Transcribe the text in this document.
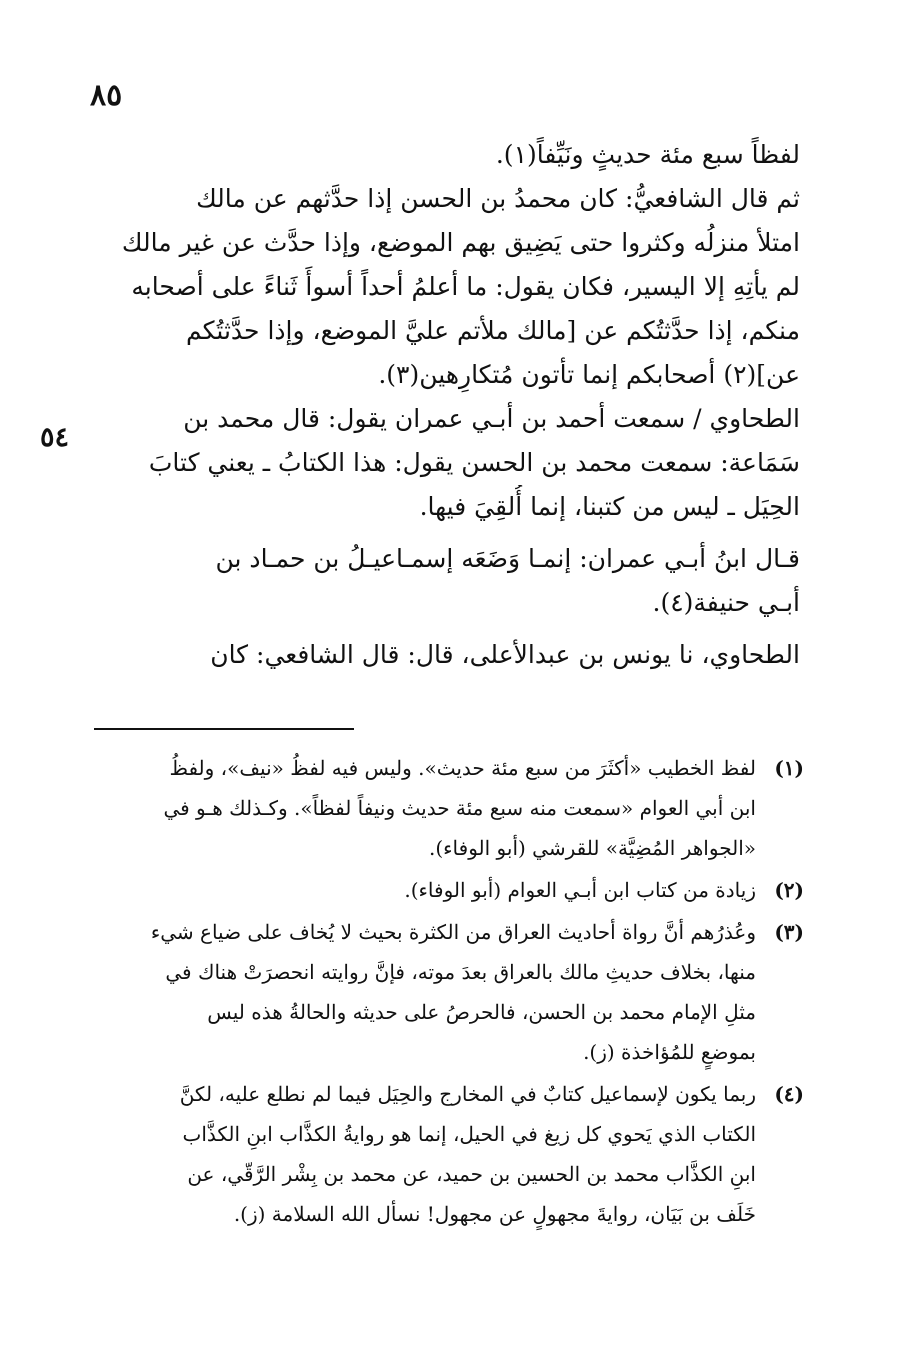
٨٥
٥٤
لفظاً سبع مئة حديثٍ ونَيِّفاً(١).
ثم قال الشافعيُّ: كان محمدُ بن الحسن إذا حدَّثهم عن مالك
امتلأ منزلُه وكثروا حتى يَضِيق بهم الموضع، وإذا حدَّث عن غير مالك
لم يأتِهِ إلا اليسير، فكان يقول: ما أعلمُ أحداً أسوأَ ثَناءً على أصحابه
منكم، إذا حدَّثتُكم عن [مالك ملأتم عليَّ الموضع، وإذا حدَّثتُكم
عن](٢) أصحابكم إنما تأتون مُتكارِهين(٣).
الطحاوي / سمعت أحمد بن أبـي عمران يقول: قال محمد بن
سَمَاعة: سمعت محمد بن الحسن يقول: هذا الكتابُ ـ يعني كتابَ
الحِيَل ـ ليس من كتبنا، إنما أُلقِيَ فيها.
قـال ابنُ أبـي عمران: إنمـا وَضَعَه إسمـاعيـلُ بن حمـاد بن
أبـي حنيفة(٤).
الطحاوي، نا يونس بن عبدالأعلى، قال: قال الشافعي: كان
(١)
لفظ الخطيب «أكثَرَ من سبع مئة حديث». وليس فيه لفظُ «نيف»، ولفظُ
ابن أبي العوام «سمعت منه سبع مئة حديث ونيفاً لفظاً». وكـذلك هـو في
«الجواهر المُضِيَّة» للقرشي (أبو الوفاء).
(٢)
زيادة من كتاب ابن أبـي العوام (أبو الوفاء).
(٣)
وعُذرُهم أنَّ رواة أحاديث العراق من الكثرة بحيث لا يُخاف على ضياع شيء
منها، بخلاف حديثِ مالك بالعراق بعدَ موته، فإنَّ روايته انحصرَتْ هناك في
مثلِ الإمام محمد بن الحسن، فالحرصُ على حديثه والحالةُ هذه ليس
بموضعٍ للمُؤاخذة (ز).
(٤)
ربما يكون لإسماعيل كتابٌ في المخارج والحِيَل فيما لم نطلع عليه، لكنَّ
الكتاب الذي يَحوي كل زيغ في الحيل، إنما هو روايةُ الكذَّاب ابنِ الكذَّاب
ابنِ الكذَّاب محمد بن الحسين بن حميد، عن محمد بن بِشْر الرَّقّي، عن
خَلَف بن بَيَان، روايةَ مجهولٍ عن مجهول! نسأل الله السلامة (ز).
